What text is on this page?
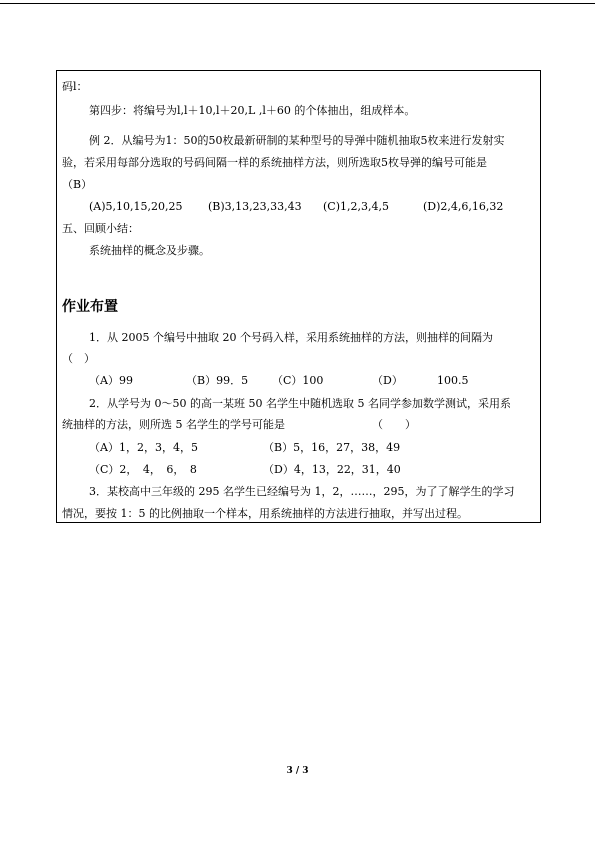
码l：
第四步：将编号为l,l＋10,l＋20,L ,l＋60 的个体抽出，组成样本。
例 2．从编号为1：50的50枚最新研制的某种型号的导弹中随机抽取5枚来进行发射实
验，若采用每部分选取的号码间隔一样的系统抽样方法，则所选取5枚导弹的编号可能是
（B）
(A)5,10,15,20,25 (B)3,13,23,33,43 (C)1,2,3,4,5	(D)2,4,6,16,32
五、回顾小结：
系统抽样的概念及步骤。
作业布置
1．从 2005 个编号中抽取 20 个号码入样，采用系统抽样的方法，则抽样的间隔为
（　）
（A）99	（B）99．5 （C）100	（D）	100.5
2．从学号为 0～50 的高一某班 50 名学生中随机选取 5 名同学参加数学测试，采用系
统抽样的方法，则所选 5 名学生的学号可能是	（　　）
（A）1，2，3，4，5	（B）5，16，27，38，49
（C）2，　4，　6，　8	（D）4，13，22，31，40
3．某校高中三年级的 295 名学生已经编号为 1，2，……，295，为了了解学生的学习
情况，要按 1：5 的比例抽取一个样本，用系统抽样的方法进行抽取，并写出过程。
3 / 3
